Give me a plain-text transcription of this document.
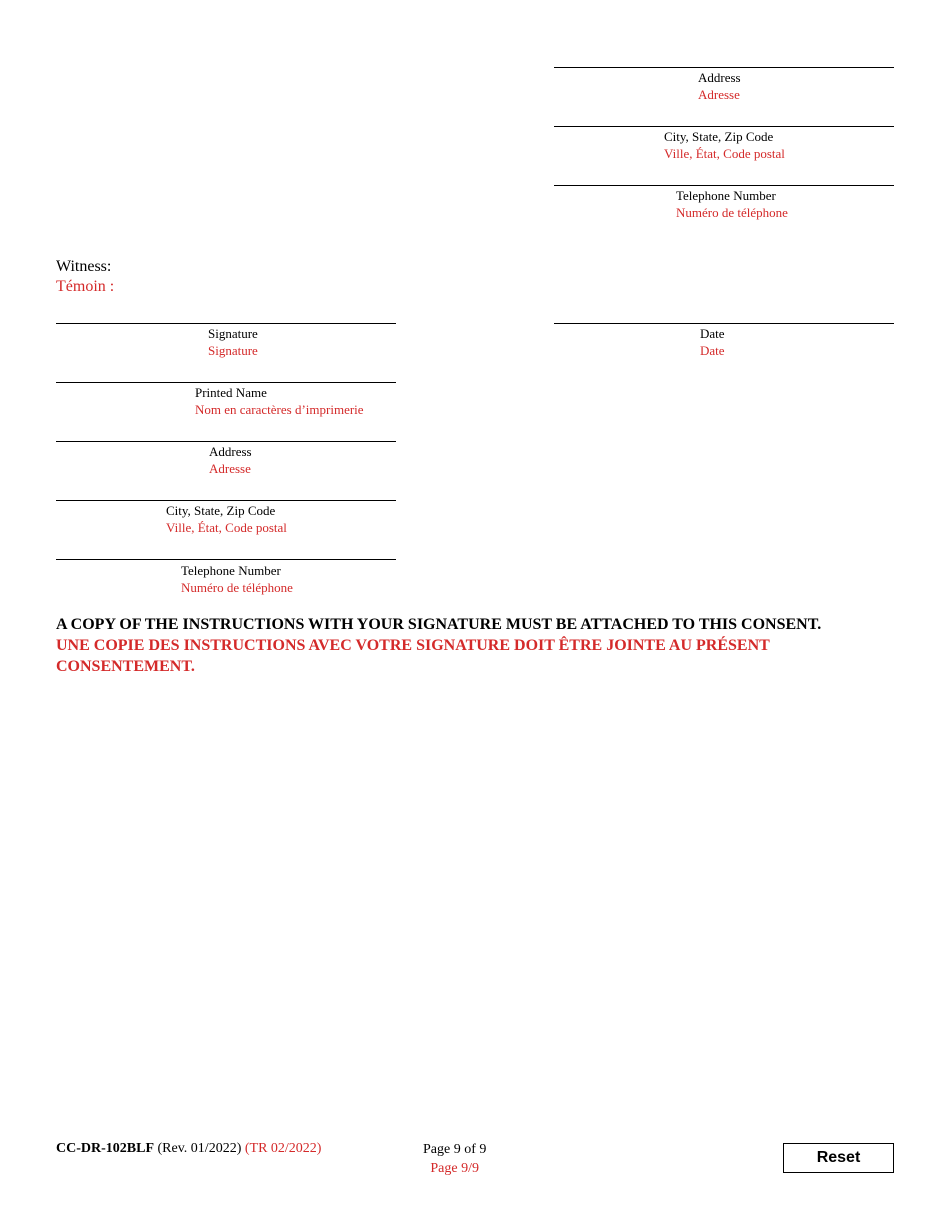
Address
Adresse
City, State, Zip Code
Ville, État, Code postal
Telephone Number
Numéro de téléphone
Witness:
Témoin :
Signature
Signature
Printed Name
Nom en caractères d’imprimerie
Address
Adresse
City, State, Zip Code
Ville, État, Code postal
Telephone Number
Numéro de téléphone
Date
Date
A COPY OF THE INSTRUCTIONS WITH YOUR SIGNATURE MUST BE ATTACHED TO THIS CONSENT.
UNE COPIE DES INSTRUCTIONS AVEC VOTRE SIGNATURE DOIT ÊTRE JOINTE AU PRÉSENT CONSENTEMENT.
CC-DR-102BLF (Rev. 01/2022) (TR 02/2022)	Page 9 of 9
Page 9/9
Reset
